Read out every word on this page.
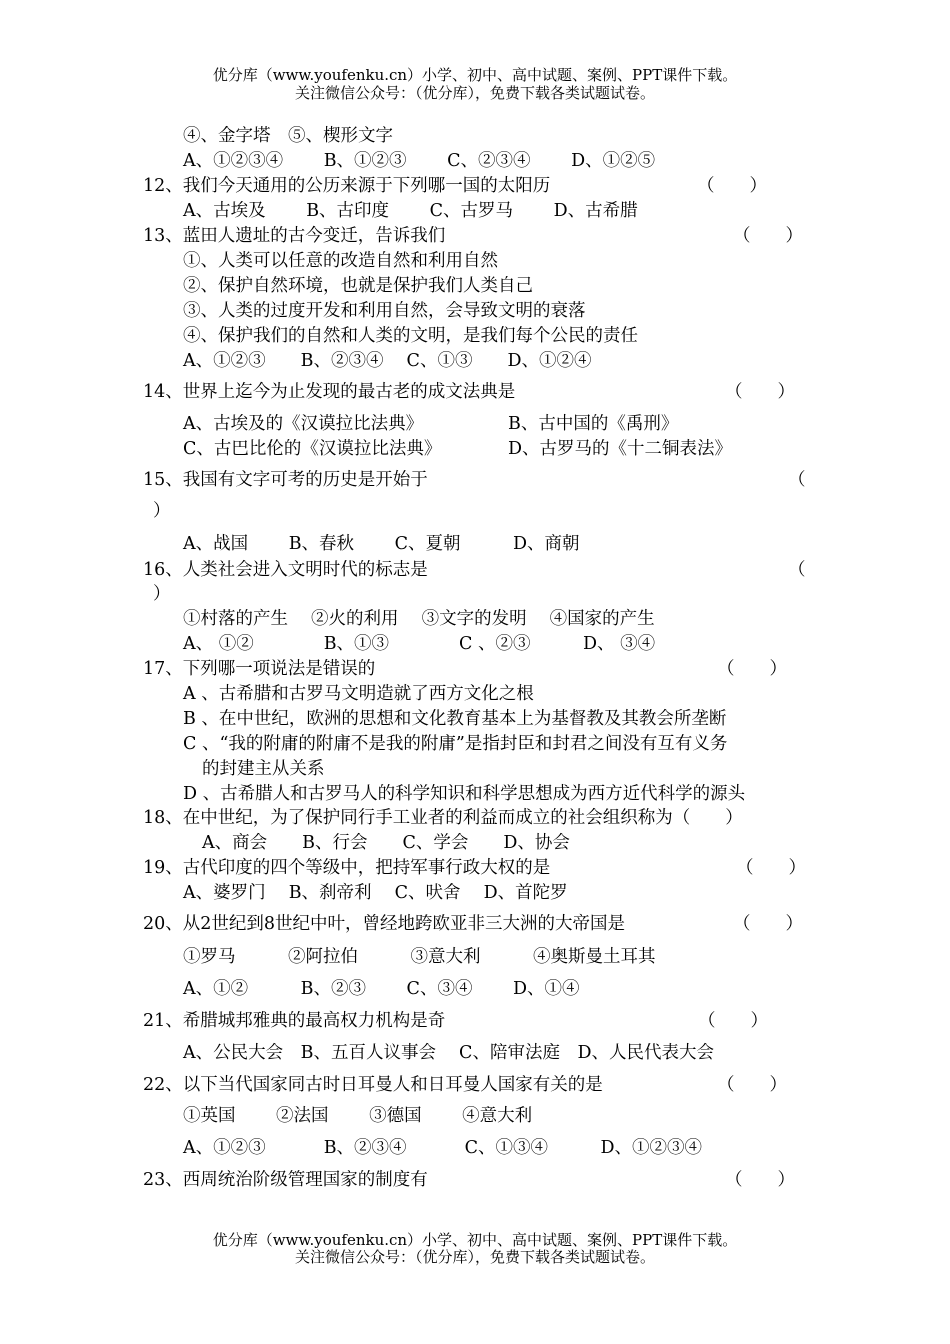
优分库（www.youfenku.cn）小学、初中、高中试题、案例、PPT课件下载。
关注微信公众号：（优分库），免费下载各类试题试卷。
④、金字塔　⑤、楔形文字
A、①②③④　　 B、①②③　　 C、②③④　　 D、①②⑤
12、我们今天通用的公历来源于下列哪一国的太阳历	（　　）
A、古埃及　　 B、古印度　　 C、古罗马　　 D、古希腊
13、蓝田人遗址的古今变迁，告诉我们	（　　）
①、人类可以任意的改造自然和利用自然
②、保护自然环境，也就是保护我们人类自己
③、人类的过度开发和利用自然，会导致文明的衰落
④、保护我们的自然和人类的文明，是我们每个公民的责任
A、①②③　　B、②③④　 C、①③　　D、①②④
14、世界上迄今为止发现的最古老的成文法典是	（　　）
A、古埃及的《汉谟拉比法典》	B、古中国的《禹刑》
C、古巴比伦的《汉谟拉比法典》	D、古罗马的《十二铜表法》
15、我国有文字可考的历史是开始于	（
）
A、战国　　 B、春秋　　 C、夏朝　　　D、商朝
16、人类社会进入文明时代的标志是	（
）
①村落的产生　 ②火的利用　 ③文字的发明　 ④国家的产生
A、 ①②　　　　B、①③　　　　C 、②③　　　D、 ③④
17、下列哪一项说法是错误的	（　　）
A 、古希腊和古罗马文明造就了西方文化之根
B 、在中世纪，欧洲的思想和文化教育基本上为基督教及其教会所垄断
C 、“我的附庸的附庸不是我的附庸”是指封臣和封君之间没有互有义务
的封建主从关系
D 、古希腊人和古罗马人的科学知识和科学思想成为西方近代科学的源头
18、在中世纪，为了保护同行手工业者的利益而成立的社会组织称为（　　）
A、商会　　B、行会　　C、学会　　D、协会
19、古代印度的四个等级中，把持军事行政大权的是	（　　）
A、婆罗门　 B、刹帝利　 C、吠舍　 D、首陀罗
20、从2世纪到8世纪中叶，曾经地跨欧亚非三大洲的大帝国是	（　　）
①罗马　　　②阿拉伯　　　③意大利　　　④奥斯曼土耳其
A、①②　　　B、②③　　 C、③④　　 D、①④
21、希腊城邦雅典的最高权力机构是奇	（　　）
A、公民大会　B、五百人议事会　 C、陪审法庭　D、人民代表大会
22、以下当代国家同古时日耳曼人和日耳曼人国家有关的是	（　　）
①英国　　 ②法国　　 ③德国　　 ④意大利
A、①②③　　　 B、②③④　　　 C、①③④　　　D、①②③④
23、西周统治阶级管理国家的制度有	（　　）
优分库（www.youfenku.cn）小学、初中、高中试题、案例、PPT课件下载。
关注微信公众号：（优分库），免费下载各类试题试卷。
